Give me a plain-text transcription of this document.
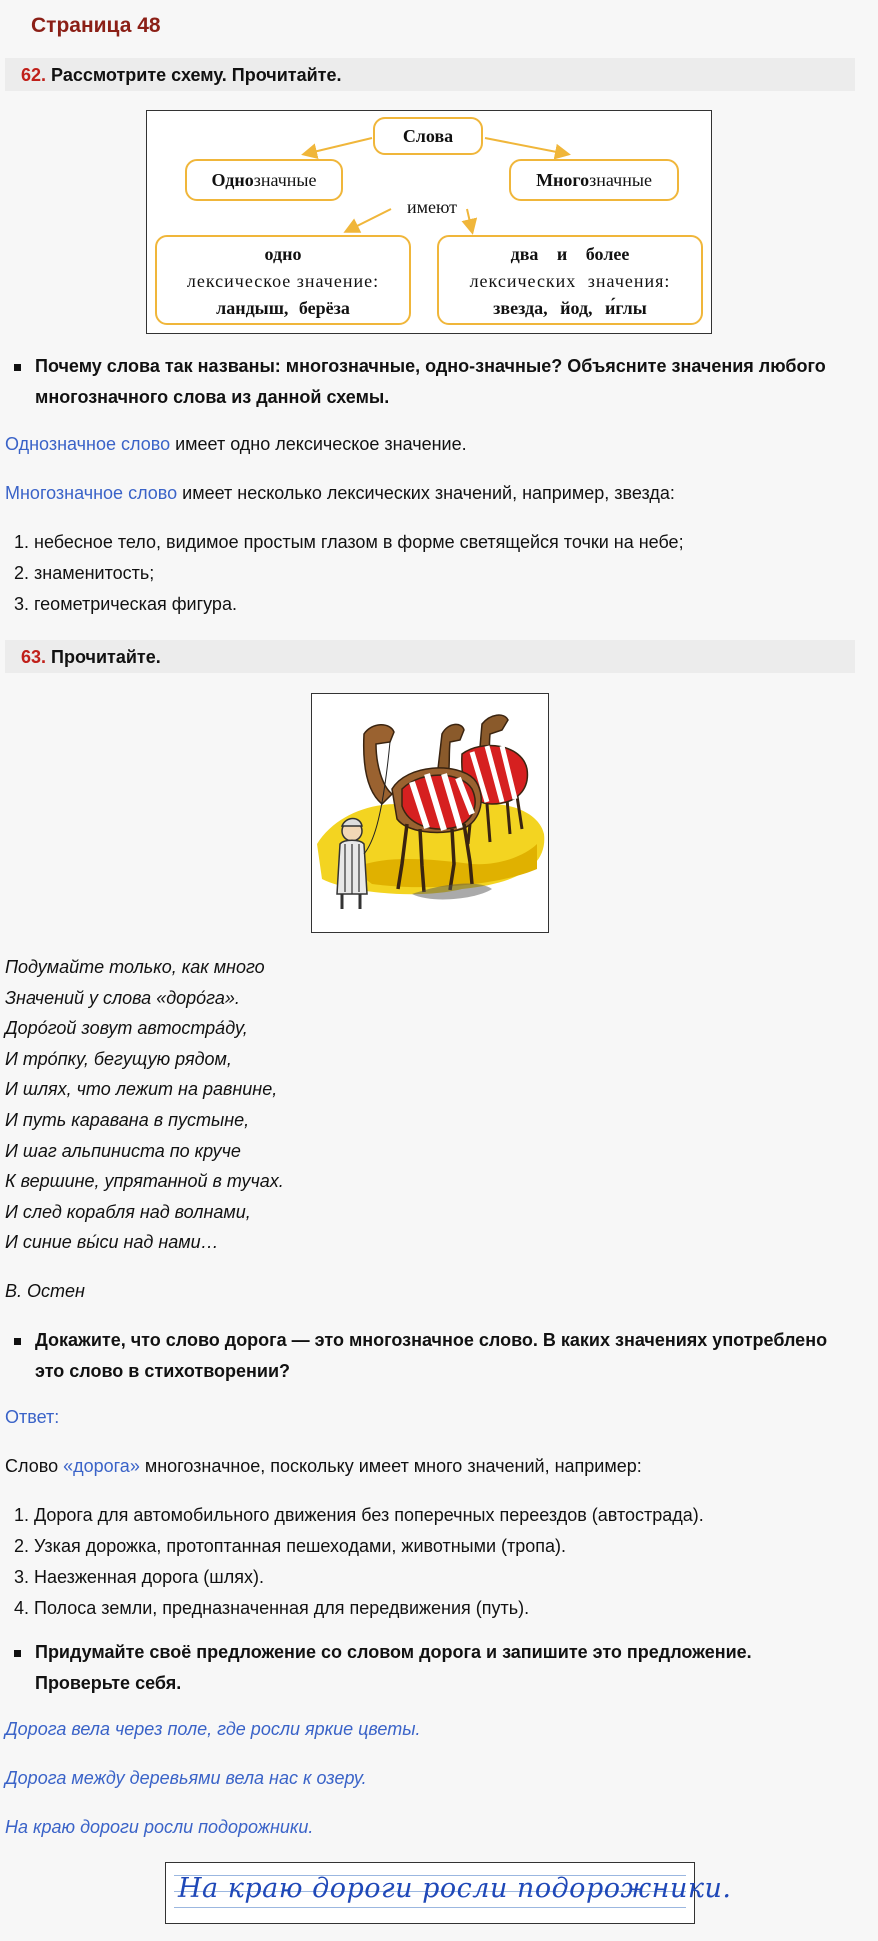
Страница 48
62. Рассмотрите схему. Прочитайте.
Слова
Однозначные	Многозначные
имеют
одно
лексическое значение:
ландыш, берёза
два и более
лексических значения:
звезда, йод, и́глы
Почему слова так названы: многозначные, одно-значные? Объясните значения любого многозначного слова из данной схемы.
Однозначное слово имеет одно лексическое значение.
Многозначное слово имеет несколько лексических значений, например, звезда:
1. небесное тело, видимое простым глазом в форме светящейся точки на небе;
2. знаменитость;
3. геометрическая фигура.
63. Прочитайте.
Подумайте только, как много
Значений у слова «доро́га».
Доро́гой зовут автостра́ду,
И тро́пку, бегущую рядом,
И шлях, что лежит на равнине,
И путь каравана в пустыне,
И шаг альпиниста по круче
К вершине, упрятанной в тучах.
И след корабля над волнами,
И синие вы́си над нами…
В. Остен
Докажите, что слово дорога — это многозначное слово. В каких значениях употреблено это слово в стихотворении?
Ответ:
Слово «дорога» многозначное, поскольку имеет много значений, например:
1. Дорога для автомобильного движения без поперечных переездов (автострада).
2. Узкая дорожка, протоптанная пешеходами, животными (тропа).
3. Наезженная дорога (шлях).
4. Полоса земли, предназначенная для передвижения (путь).
Придумайте своё предложение со словом дорога и запишите это предложение. Проверьте себя.
Дорога вела через поле, где росли яркие цветы.
Дорога между деревьями вела нас к озеру.
На краю дороги росли подорожники.
На краю дороги росли подорожники.
